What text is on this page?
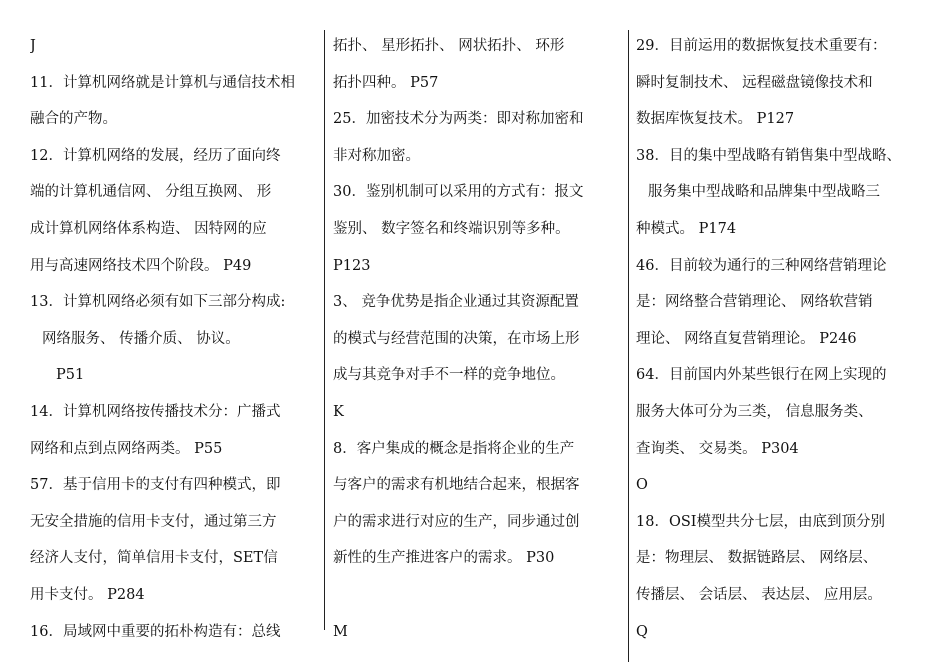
J
11．计算机网络就是计算机与通信技术相
融合的产物。
12．计算机网络的发展，经历了面向终
端的计算机通信网、 分组互换网、 形
成计算机网络体系构造、 因特网的应
用与高速网络技术四个阶段。 P49
13．计算机网络必须有如下三部分构成:
网络服务、 传播介质、 协议。
P51
14．计算机网络按传播技术分：广播式
网络和点到点网络两类。 P55
57．基于信用卡的支付有四种模式，即
无安全措施的信用卡支付，通过第三方
经济人支付，简单信用卡支付，SET信
用卡支付。 P284
16．局域网中重要的拓朴构造有：总线
拓扑、 星形拓扑、 网状拓扑、 环形
拓扑四种。 P57
25．加密技术分为两类：即对称加密和
非对称加密。
30．鉴别机制可以采用的方式有：报文
鉴别、 数字签名和终端识别等多种。
P123
3、 竞争优势是指企业通过其资源配置
的模式与经营范围的决策，在市场上形
成与其竞争对手不一样的竞争地位。
K
8．客户集成的概念是指将企业的生产
与客户的需求有机地结合起来，根据客
户的需求进行对应的生产，同步通过创
新性的生产推进客户的需求。 P30
M
29．目前运用的数据恢复技术重要有：
瞬时复制技术、 远程磁盘镜像技术和
数据库恢复技术。 P127
38．目的集中型战略有销售集中型战略、
服务集中型战略和品牌集中型战略三
种模式。 P174
46．目前较为通行的三种网络营销理论
是：网络整合营销理论、 网络软营销
理论、 网络直复营销理论。 P246
64．目前国内外某些银行在网上实现的
服务大体可分为三类， 信息服务类、
查询类、 交易类。 P304
O
18．OSI模型共分七层，由底到顶分别
是：物理层、 数据链路层、 网络层、
传播层、 会话层、 表达层、 应用层。
Q
